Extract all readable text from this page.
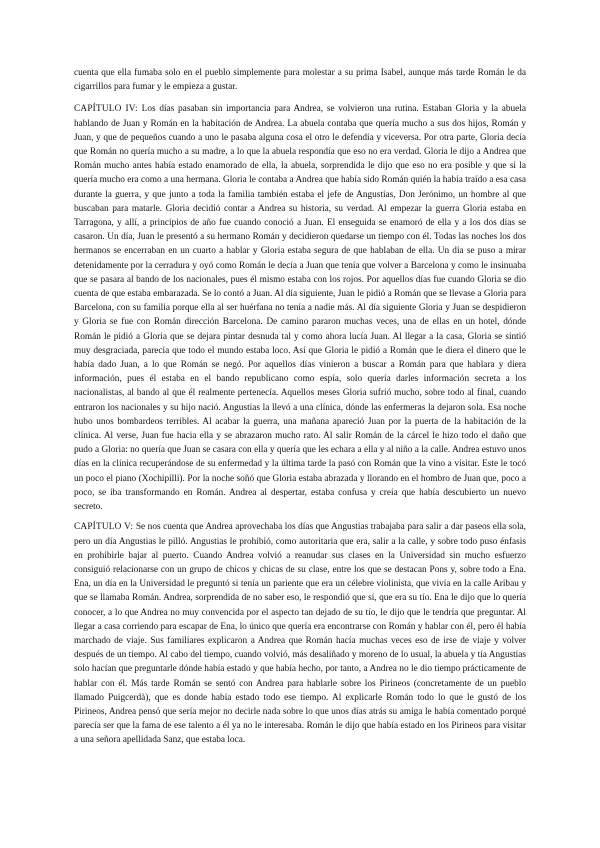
cuenta que ella fumaba solo en el pueblo simplemente para molestar a su prima Isabel, aunque más tarde Román le da cigarrillos para fumar y le empieza a gustar.

CAPÍTULO IV: Los días pasaban sin importancia para Andrea, se volvieron una rutina. Estaban Gloria y la abuela hablando de Juan y Román en la habitación de Andrea. La abuela contaba que quería mucho a sus dos hijos, Román y Juan, y que de pequeños cuando a uno le pasaba alguna cosa el otro le defendía y viceversa. Por otra parte, Gloria decía que Román no quería mucho a su madre, a lo que la abuela respondía que eso no era verdad. Gloria le dijo a Andrea que Román mucho antes había estado enamorado de ella, la abuela, sorprendida le dijo que eso no era posible y que si la quería mucho era como a una hermana. Gloria le contaba a Andrea que había sido Román quién la había traído a esa casa durante la guerra, y que junto a toda la familia también estaba el jefe de Angustias, Don Jerónimo, un hombre al que buscaban para matarle. Gloria decidió contar a Andrea su historia, su verdad. Al empezar la guerra Gloria estaba en Tarragona, y allí, a principios de año fue cuando conoció a Juan. El enseguida se enamoró de ella y a los dos días se casaron. Un día, Juan le presentó a su hermano Román y decidieron quedarse un tiempo con él. Todas las noches los dos hermanos se encerraban en un cuarto a hablar y Gloria estaba segura de que hablaban de ella. Un día se puso a mirar detenidamente por la cerradura y oyó como Román le decía a Juan que tenía que volver a Barcelona y como le insinuaba que se pasara al bando de los nacionales, pues él mismo estaba con los rojos. Por aquellos días fue cuando Gloria se dio cuenta de que estaba embarazada. Se lo contó a Juan. Al día siguiente, Juan le pidió a Román que se llevase a Gloria para Barcelona, con su familia porque ella al ser huérfana no tenía a nadie más. Al día siguiente Gloria y Juan se despidieron y Gloria se fue con Román dirección Barcelona. De camino pararon muchas veces, una de ellas en un hotel, dónde Román le pidió a Gloria que se dejara pintar desnuda tal y como ahora lucía Juan. Al llegar a la casa, Gloria se sintió muy desgraciada, parecía que todo el mundo estaba loco. Así que Gloria le pidió a Román que le diera el dinero que le había dado Juan, a lo que Román se negó. Por aquellos días vinieron a buscar a Román para que hablara y diera información, pues él estaba en el bando republicano como espía, solo quería darles información secreta a los nacionalistas, al bando al que él realmente pertenecía. Aquellos meses Gloria sufrió mucho, sobre todo al final, cuando entraron los nacionales y su hijo nació. Angustias la llevó a una clínica, dónde las enfermeras la dejaron sola. Esa noche hubo unos bombardeos terribles. Al acabar la guerra, una mañana apareció Juan por la puerta de la habitación de la clínica. Al verse, Juan fue hacia ella y se abrazaron mucho rato. Al salir Román de la cárcel le hizo todo el daño que pudo a Gloria: no quería que Juan se casara con ella y quería que les echara a ella y al niño a la calle. Andrea estuvo unos días en la clínica recuperándose de su enfermedad y la última tarde la pasó con Román que la vino a visitar. Este le tocó un poco el piano (Xochipilli). Por la noche soñó que Gloria estaba abrazada y llorando en el hombro de Juan que, poco a poco, se iba transformando en Román. Andrea al despertar, estaba confusa y creía que había descubierto un nuevo secreto.

CAPÍTULO V: Se nos cuenta que Andrea aprovechaba los días que Angustias trabajaba para salir a dar paseos ella sola, pero un día Angustias le pilló. Angustias le prohibió, como autoritaria que era, salir a la calle, y sobre todo puso énfasis en prohibirle bajar al puerto. Cuando Andrea volvió a reanudar sus clases en la Universidad sin mucho esfuerzo consiguió relacionarse con un grupo de chicos y chicas de su clase, entre los que se destacan Pons y, sobre todo a Ena. Ena, un día en la Universidad le preguntó si tenía un pariente que era un célebre violinista, que vivía en la calle Aribau y que se llamaba Román. Andrea, sorprendida de no saber eso, le respondió que sí, que era su tío. Ena le dijo que lo quería conocer, a lo que Andrea no muy convencida por el aspecto tan dejado de su tío, le dijo que le tendría que preguntar. Al llegar a casa corriendo para escapar de Ena, lo único que quería era encontrarse con Román y hablar con él, pero él había marchado de viaje. Sus familiares explicaron a Andrea que Román hacía muchas veces eso de irse de viaje y volver después de un tiempo. Al cabo del tiempo, cuando volvió, más desaliñado y moreno de lo usual, la abuela y tía Angustias solo hacían que preguntarle dónde había estado y que había hecho, por tanto, a Andrea no le dio tiempo prácticamente de hablar con él. Más tarde Román se sentó con Andrea para hablarle sobre los Pirineos (concretamente de un pueblo llamado Puigcerdà), que es donde había estado todo ese tiempo. Al explicarle Román todo lo que le gustó de los Pirineos, Andrea pensó que sería mejor no decirle nada sobre lo que unos días atrás su amiga le había comentado porqué parecía ser que la fama de ese talento a él ya no le interesaba. Román le dijo que había estado en los Pirineos para visitar a una señora apellidada Sanz, que estaba loca.
